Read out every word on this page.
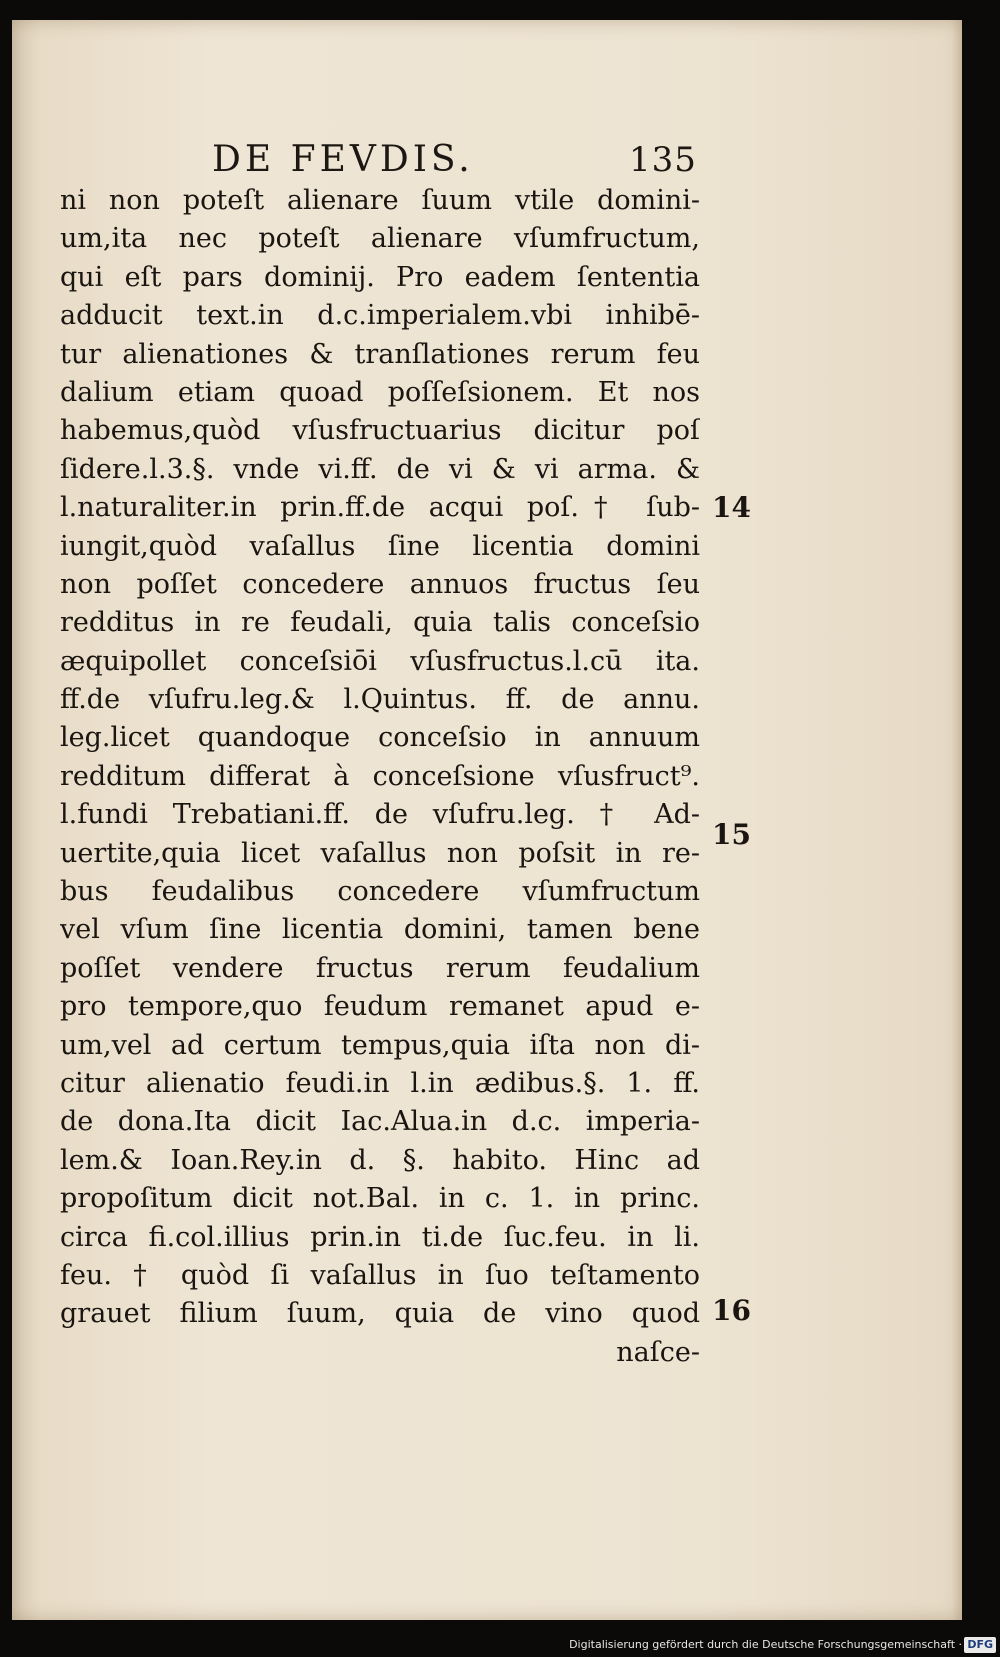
DE FEVDIS.	135
ni non poteſt alienare ſuum vtile domini-
um,ita nec poteſt alienare vſumfructum,
qui eſt pars dominij. Pro eadem ſententia
adducit text.in d.c.imperialem.vbi inhibē-
tur alienationes & tranſlationes rerum feu
dalium etiam quoad poſſeſsionem. Et nos
habemus,quòd vſusfructuarius dicitur poſ
ſidere.l.3.§. vnde vi.ff. de vi & vi arma. &
l.naturaliter.in prin.ff.de acqui poſ.† ſub-
iungit,quòd vaſallus ſine licentia domini
non poſſet concedere annuos fructus ſeu
redditus in re feudali, quia talis conceſsio
æquipollet conceſsiōi vſusfructus.l.cū ita.
ff.de vſufru.leg.& l.Quintus. ff. de annu.
leg.licet quandoque conceſsio in annuum
redditum differat à conceſsione vſusfruct⁹.
l.fundi Trebatiani.ff. de vſufru.leg. † Ad-
uertite,quia licet vaſallus non poſsit in re-
bus feudalibus concedere vſumfructum
vel vſum ſine licentia domini, tamen bene
poſſet vendere fructus rerum feudalium
pro tempore,quo feudum remanet apud e-
um,vel ad certum tempus,quia iſta non di-
citur alienatio feudi.in l.in ædibus.§. 1. ff.
de dona.Ita dicit Iac.Alua.in d.c. imperia-
lem.& Ioan.Rey.in d. §. habito. Hinc ad
propoſitum dicit not.Bal. in c. 1. in princ.
circa fi.col.illius prin.in ti.de ſuc.feu. in li.
feu. † quòd ſi vaſallus in ſuo teſtamento
grauet filium ſuum, quia de vino quod
naſce-
14
15
16
Digitalisierung gefördert durch die Deutsche Forschungsgemeinschaft · DFG
